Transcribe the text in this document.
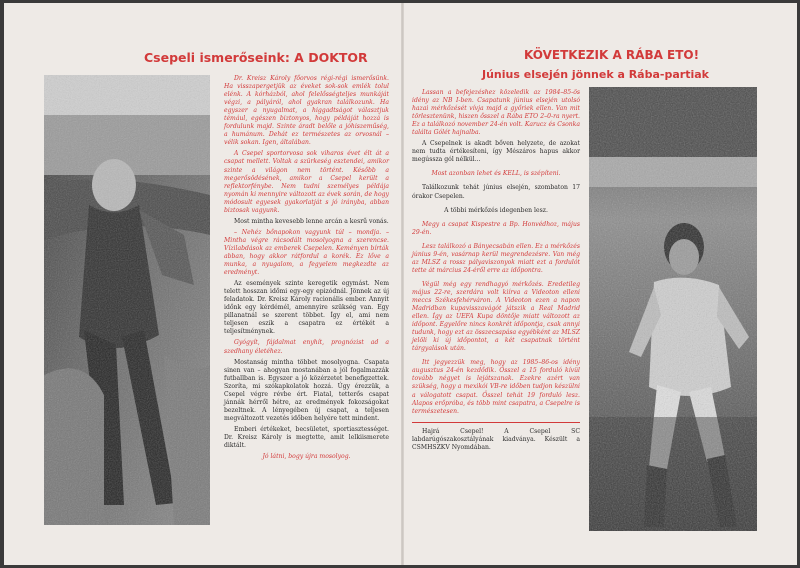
Csepeli ismerőseink: A DOKTOR

Dr. Kreisz Károly főorvos régi-régi ismerősünk. Ha visszapergetjük az éveket sok-sok emlék tolul elénk. A kórházból, ahol felelősségteljes munkáját végzi, a pályáról, ahol gyakran találkozunk. Ha egyszer a nyugalmat, a higgadtságot választjuk témául, egészen biztonyos, hogy példáját hozzá is fordulunk majd. Szinte áradt belőle a jóhiszeműség, a humánum. Dehát ez természetes az orvosnál – vélik sokan. Igen, általában.

A Csepel sportorvosa sok viharos évet élt át a csapat mellett. Voltak a szürkeség esztendei, amikor szinte a világon nem történt. Később a megerősödésének, amikor a Csepel került a reflektorfénybe. Nem tudni személyes példája nyomán ki mennyire változott az évek során, de hogy módosult egyesek gyakorlatját s jó irányba, abban biztosak vagyunk.

Most mintha kevesebb lenne arcán a kesrű vonás.

– Nehéz bőnapokon vagyunk túl – mondja. – Mintha végre rácsodált mosolyogna a szerencse. Vízilabdások az emberek Csepelen. Keményen bírták abban, hogy akkor rátfordul a korék. Ez lőve a munka, a nyugalom, a fegyelem megkezdte az eredményt.

Az események szinte keregetik egymást. Nem telett hosszan időmi egy-egy epizódnál. Jönnek az új feladatok. Dr. Kreisz Károly racionális ember. Annyit időnk egy kérdémél, amennyire szükség van. Egy pillanatnál se szerent többet. Így el, ami nem teljesen eszik a csapatra ez értékét a teljesítménynek.

Gyógyít, fájdalmat enyhít, prognózist ad a szedhany életéhez.

Mostanság mintha többet mosolyogna. Csapata sinen van – ahogyan mostanában a jól fogalmazzák futballban is. Egyszer a jó közérzetet benefigzettek. Szoríta, mi szókapkolatok hozzá. Úgy érezzük, a Csepel végre révbe ért. Fiatal, tetterős csapat jánnák hérről hétre, az eredmények fokozságokat bezeltnek. A lényegében új csapat, a teljesen megváltozott vezetés időben helyére tett mindent.

Emberi értékeket, becsületet, sportiasztességet. Dr. Kreisz Károly is megtette, amit lelkiismerete diktált.

Jó látni, bogy újra mosolyog.

KÖVETKEZIK A RÁBA ETO!
Június elsején jönnek a Rába-partiak

Lassan a befejezéshez közeledik az 1984–85-ös idény az NB I-ben. Csapatunk június elsején utolsó hazai mérkőzését vívja majd a győriek ellen. Van mit törlesztenünk, hiszen ősszel a Rába ETO 2–0-ra nyert. Ez a találkozó november 24-én volt. Karucz és Csonka találta Gólét hajnalba.

A Csepelnek is akadt bőven helyzete, de azokat nem tudta értékesíteni, így Mészáros hapus akkor megússza gól nélkül...

Most azonban lehet és KELL, is szépíteni.

Találkozunk tehát június elsején, szombaton 17 órakor Csepelen.

A többi mérkőzés idegenben lesz.

Megy a csapat Kispestre a Bp. Honvédhoz, május 29-én.

Lesz találkozó a Bányecsabán ellen. Ez a mérkőzés június 9-én, vasárnap kerül megrendezésre. Van még az MLSZ a rossz pályaviszonyok miatt ezt a fordulót tette át március 24-éről erre az időpontra.

Végül még egy rendhagyó mérkőzés. Eredetileg május 22-re, szerdára volt kiírva a Videoton elleni meccs Székesfehérváron. A Videoton ezen a napon Madridban kupavisszavágót játszik a Real Madrid ellen. Így az UEFA Kupa döntője miatt változott az időpont. Egyelőre nincs konkrét időpontja, csak annyi tudunk, hogy ezt az összecsapása egyébként az MLSZ jelöli ki új időpontot, a két csapatnak történt tárgyalások után.

Itt jegyezzük meg, hogy az 1985–86-os idény augusztus 24-én kezdődik. Ősszel a 15 forduló kívül tovább négyet is lejátszanak. Ezekre azért van szükség, hogy a mexikói VB-re időben tudjon készülni a válogatott csapat. Ősszel tehát 19 forduló lesz. Alapos erőpróba, és több mint csapatra, a Csepelre is természetesen.

Hajrá Csepel! A Csepel SC labdarúgószakosztályának kiadványa. Készült a CSMHSZKV Nyomdában.
